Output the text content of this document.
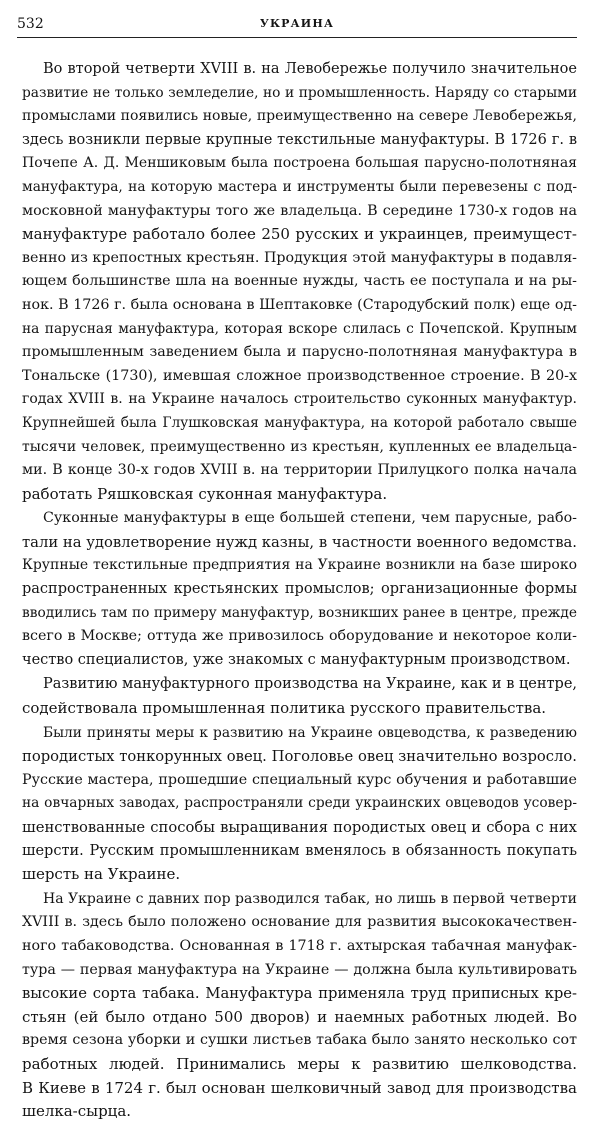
532	УКРАИНА
Во второй четверти XVIII в. на Левобережье получило значительное
развитие не только земледелие, но и промышленность. Наряду со старыми
промыслами появились новые, преимущественно на севере Левобережья,
здесь возникли первые крупные текстильные мануфактуры. В 1726 г. в
Почепе А. Д. Меншиковым была построена большая парусно-полотняная
мануфактура, на которую мастера и инструменты были перевезены с под-
московной мануфактуры того же владельца. В середине 1730-х годов на
мануфактуре работало более 250 русских и украинцев, преимущест-
венно из крепостных крестьян. Продукция этой мануфактуры в подавля-
ющем большинстве шла на военные нужды, часть ее поступала и на ры-
нок. В 1726 г. была основана в Шептаковке (Стародубский полк) еще од-
на парусная мануфактура, которая вскоре слилась с Почепской. Крупным
промышленным заведением была и парусно-полотняная мануфактура в
Тональске (1730), имевшая сложное производственное строение. В 20-х
годах XVIII в. на Украине началось строительство суконных мануфактур.
Крупнейшей была Глушковская мануфактура, на которой работало свыше
тысячи человек, преимущественно из крестьян, купленных ее владельца-
ми. В конце 30-х годов XVIII в. на территории Прилуцкого полка начала
работать Ряшковская суконная мануфактура.
Суконные мануфактуры в еще большей степени, чем парусные, рабо-
тали на удовлетворение нужд казны, в частности военного ведомства.
Крупные текстильные предприятия на Украине возникли на базе широко
распространенных крестьянских промыслов; организационные формы
вводились там по примеру мануфактур, возникших ранее в центре, прежде
всего в Москве; оттуда же привозилось оборудование и некоторое коли-
чество специалистов, уже знакомых с мануфактурным производством.
Развитию мануфактурного производства на Украине, как и в центре,
содействовала промышленная политика русского правительства.
Были приняты меры к развитию на Украине овцеводства, к разведению
породистых тонкорунных овец. Поголовье овец значительно возросло.
Русские мастера, прошедшие специальный курс обучения и работавшие
на овчарных заводах, распространяли среди украинских овцеводов усовер-
шенствованные способы выращивания породистых овец и сбора с них
шерсти. Русским промышленникам вменялось в обязанность покупать
шерсть на Украине.
На Украине с давних пор разводился табак, но лишь в первой четверти
XVIII в. здесь было положено основание для развития высококачествен-
ного табаководства. Основанная в 1718 г. ахтырская табачная мануфак-
тура — первая мануфактура на Украине — должна была культивировать
высокие сорта табака. Мануфактура применяла труд приписных кре-
стьян (ей было отдано 500 дворов) и наемных работных людей. Во
время сезона уборки и сушки листьев табака было занято несколько сот
работных людей. Принимались меры к развитию шелководства.
В Киеве в 1724 г. был основан шелковичный завод для производства
шелка-сырца.
